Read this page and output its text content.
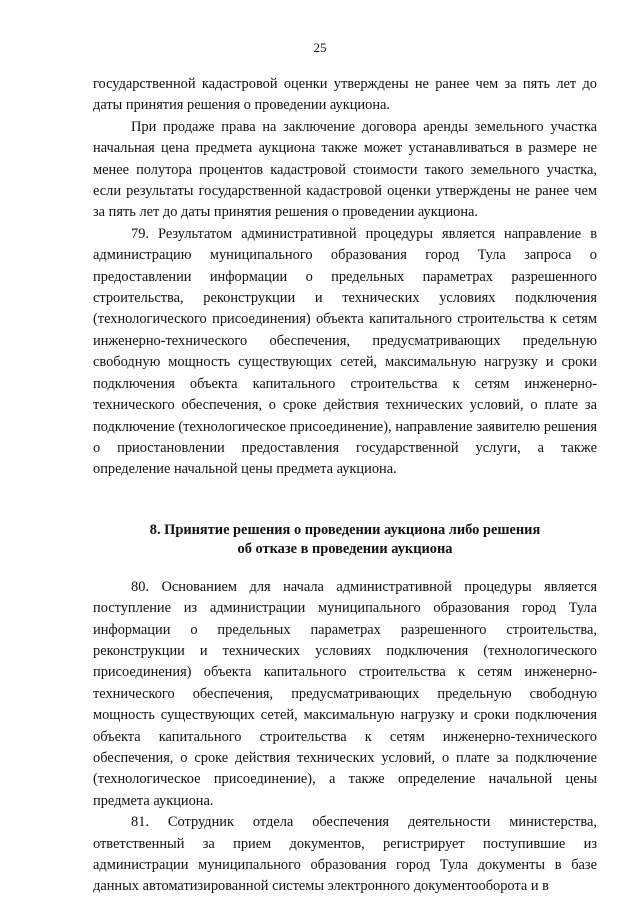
25

государственной кадастровой оценки утверждены не ранее чем за пять лет до даты принятия решения о проведении аукциона.

При продаже права на заключение договора аренды земельного участка начальная цена предмета аукциона также может устанавливаться в размере не менее полутора процентов кадастровой стоимости такого земельного участка, если результаты государственной кадастровой оценки утверждены не ранее чем за пять лет до даты принятия решения о проведении аукциона.

79. Результатом административной процедуры является направление в администрацию муниципального образования город Тула запроса о предоставлении информации о предельных параметрах разрешенного строительства, реконструкции и технических условиях подключения (технологического присоединения) объекта капитального строительства к сетям инженерно-технического обеспечения, предусматривающих предельную свободную мощность существующих сетей, максимальную нагрузку и сроки подключения объекта капитального строительства к сетям инженерно-технического обеспечения, о сроке действия технических условий, о плате за подключение (технологическое присоединение), направление заявителю решения о приостановлении предоставления государственной услуги, а также определение начальной цены предмета аукциона.

8. Принятие решения о проведении аукциона либо решения
об отказе в проведении аукциона

80. Основанием для начала административной процедуры является поступление из администрации муниципального образования город Тула информации о предельных параметрах разрешенного строительства, реконструкции и технических условиях подключения (технологического присоединения) объекта капитального строительства к сетям инженерно-технического обеспечения, предусматривающих предельную свободную мощность существующих сетей, максимальную нагрузку и сроки подключения объекта капитального строительства к сетям инженерно-технического обеспечения, о сроке действия технических условий, о плате за подключение (технологическое присоединение), а также определение начальной цены предмета аукциона.

81. Сотрудник отдела обеспечения деятельности министерства, ответственный за прием документов, регистрирует поступившие из администрации муниципального образования город Тула документы в базе данных автоматизированной системы электронного документооборота и в
